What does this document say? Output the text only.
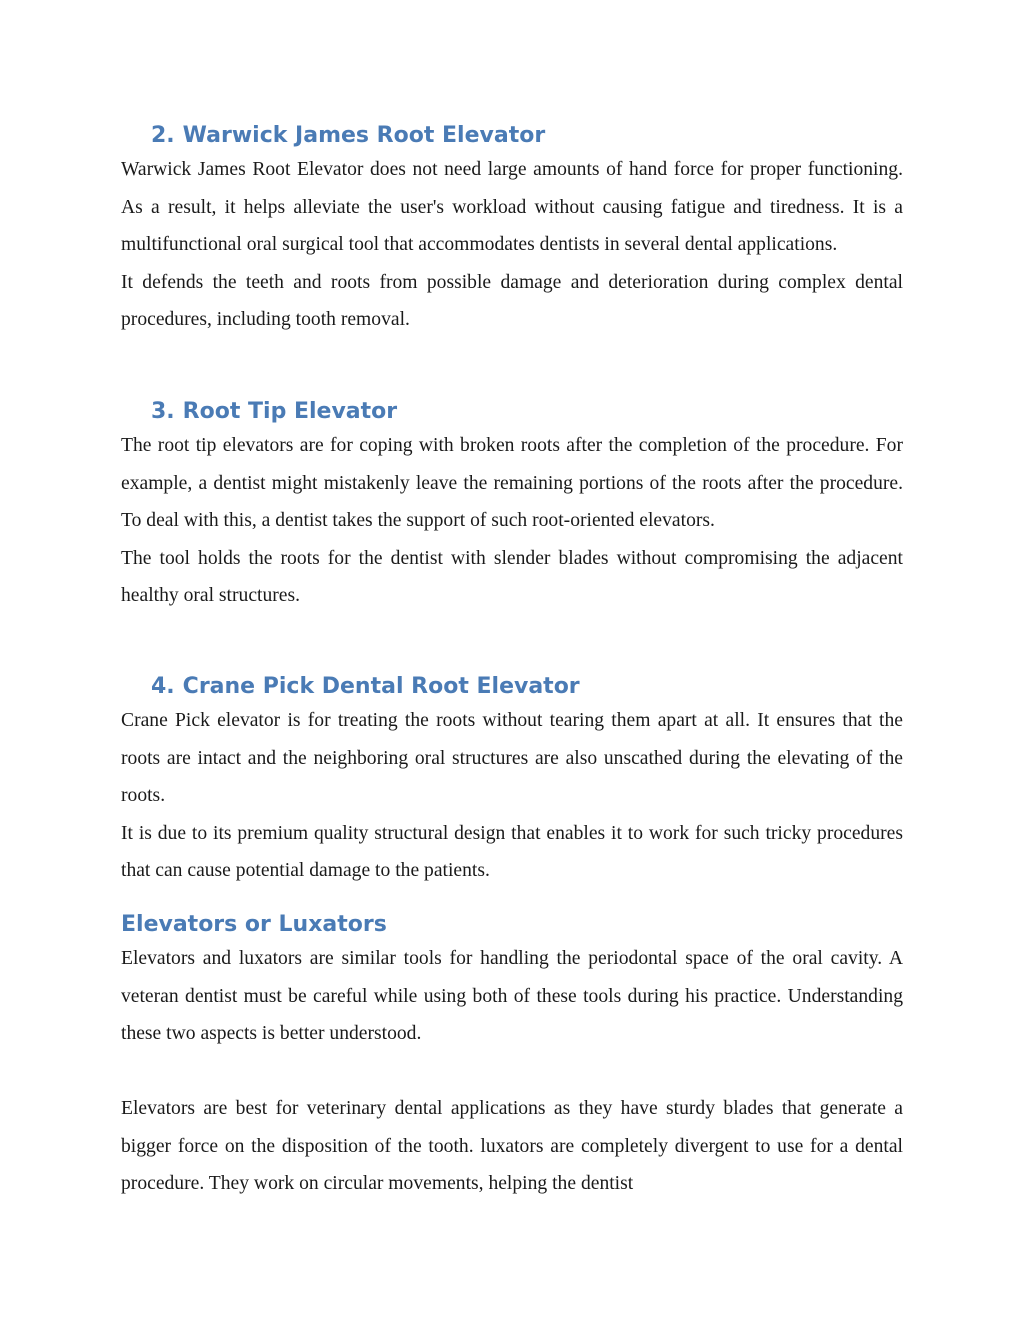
2. Warwick James Root Elevator

Warwick James Root Elevator does not need large amounts of hand force for proper functioning. As a result, it helps alleviate the user's workload without causing fatigue and tiredness. It is a multifunctional oral surgical tool that accommodates dentists in several dental applications.

It defends the teeth and roots from possible damage and deterioration during complex dental procedures, including tooth removal.

3. Root Tip Elevator

The root tip elevators are for coping with broken roots after the completion of the procedure. For example, a dentist might mistakenly leave the remaining portions of the roots after the procedure. To deal with this, a dentist takes the support of such root-oriented elevators.

The tool holds the roots for the dentist with slender blades without compromising the adjacent healthy oral structures.

4. Crane Pick Dental Root Elevator

Crane Pick elevator is for treating the roots without tearing them apart at all. It ensures that the roots are intact and the neighboring oral structures are also unscathed during the elevating of the roots.

It is due to its premium quality structural design that enables it to work for such tricky procedures that can cause potential damage to the patients.

Elevators or Luxators

Elevators and luxators are similar tools for handling the periodontal space of the oral cavity. A veteran dentist must be careful while using both of these tools during his practice. Understanding these two aspects is better understood.

Elevators are best for veterinary dental applications as they have sturdy blades that generate a bigger force on the disposition of the tooth. luxators are completely divergent to use for a dental procedure. They work on circular movements, helping the dentist
